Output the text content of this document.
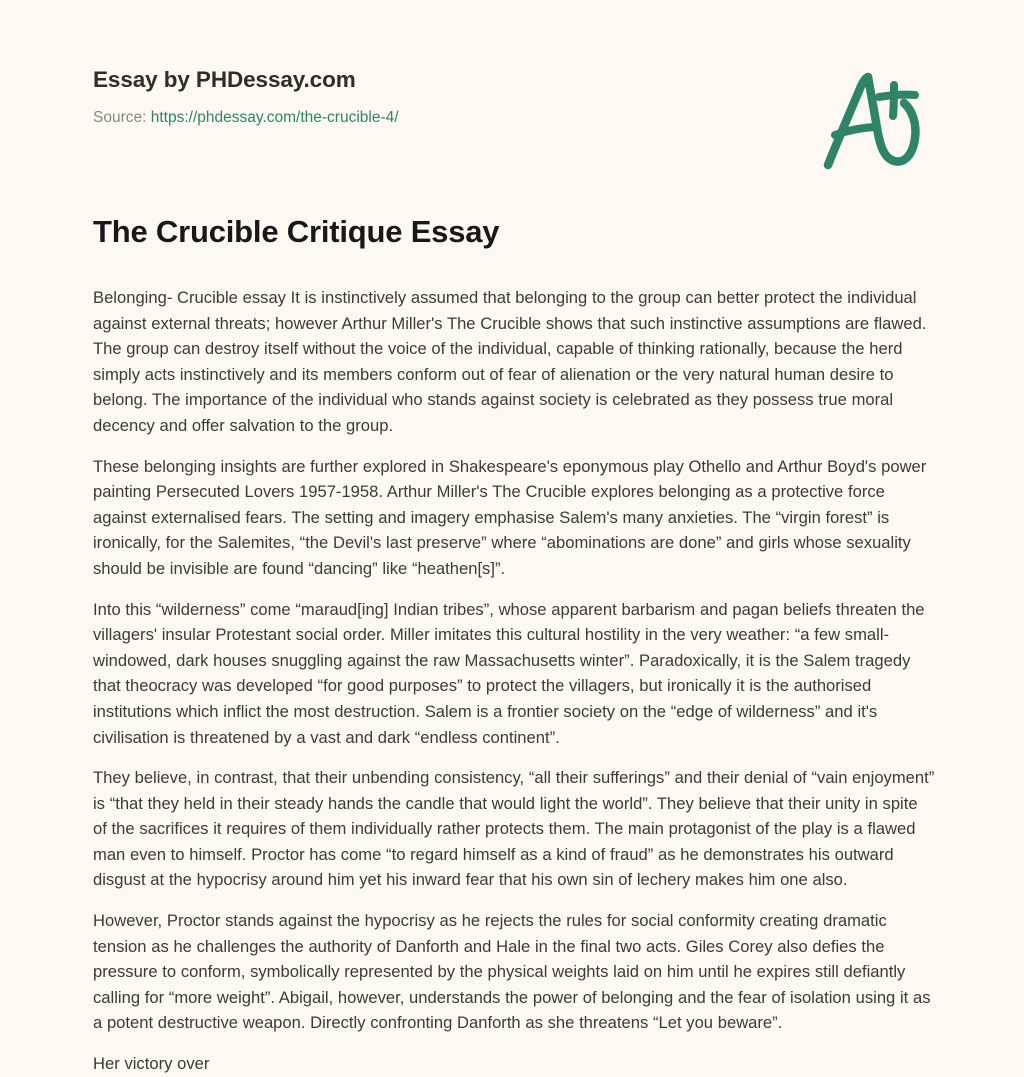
Essay by PHDessay.com
Source: https://phdessay.com/the-crucible-4/
The Crucible Critique Essay

Belonging- Crucible essay It is instinctively assumed that belonging to the group can better protect the individual against external threats; however Arthur Miller's The Crucible shows that such instinctive assumptions are flawed. The group can destroy itself without the voice of the individual, capable of thinking rationally, because the herd simply acts instinctively and its members conform out of fear of alienation or the very natural human desire to belong. The importance of the individual who stands against society is celebrated as they possess true moral decency and offer salvation to the group.

These belonging insights are further explored in Shakespeare's eponymous play Othello and Arthur Boyd's power painting Persecuted Lovers 1957-1958. Arthur Miller's The Crucible explores belonging as a protective force against externalised fears. The setting and imagery emphasise Salem's many anxieties. The “virgin forest” is ironically, for the Salemites, “the Devil's last preserve” where “abominations are done” and girls whose sexuality should be invisible are found “dancing” like “heathen[s]”.

Into this “wilderness” come “maraud[ing] Indian tribes”, whose apparent barbarism and pagan beliefs threaten the villagers' insular Protestant social order. Miller imitates this cultural hostility in the very weather: “a few small-windowed, dark houses snuggling against the raw Massachusetts winter”. Paradoxically, it is the Salem tragedy that theocracy was developed “for good purposes” to protect the villagers, but ironically it is the authorised institutions which inflict the most destruction. Salem is a frontier society on the “edge of wilderness” and it's civilisation is threatened by a vast and dark “endless continent”.

They believe, in contrast, that their unbending consistency, “all their sufferings” and their denial of “vain enjoyment” is “that they held in their steady hands the candle that would light the world”. They believe that their unity in spite of the sacrifices it requires of them individually rather protects them. The main protagonist of the play is a flawed man even to himself. Proctor has come “to regard himself as a kind of fraud” as he demonstrates his outward disgust at the hypocrisy around him yet his inward fear that his own sin of lechery makes him one also.

However, Proctor stands against the hypocrisy as he rejects the rules for social conformity creating dramatic tension as he challenges the authority of Danforth and Hale in the final two acts. Giles Corey also defies the pressure to conform, symbolically represented by the physical weights laid on him until he expires still defiantly calling for “more weight”. Abigail, however, understands the power of belonging and the fear of isolation using it as a potent destructive weapon. Directly confronting Danforth as she threatens “Let you beware”.

Her victory over
